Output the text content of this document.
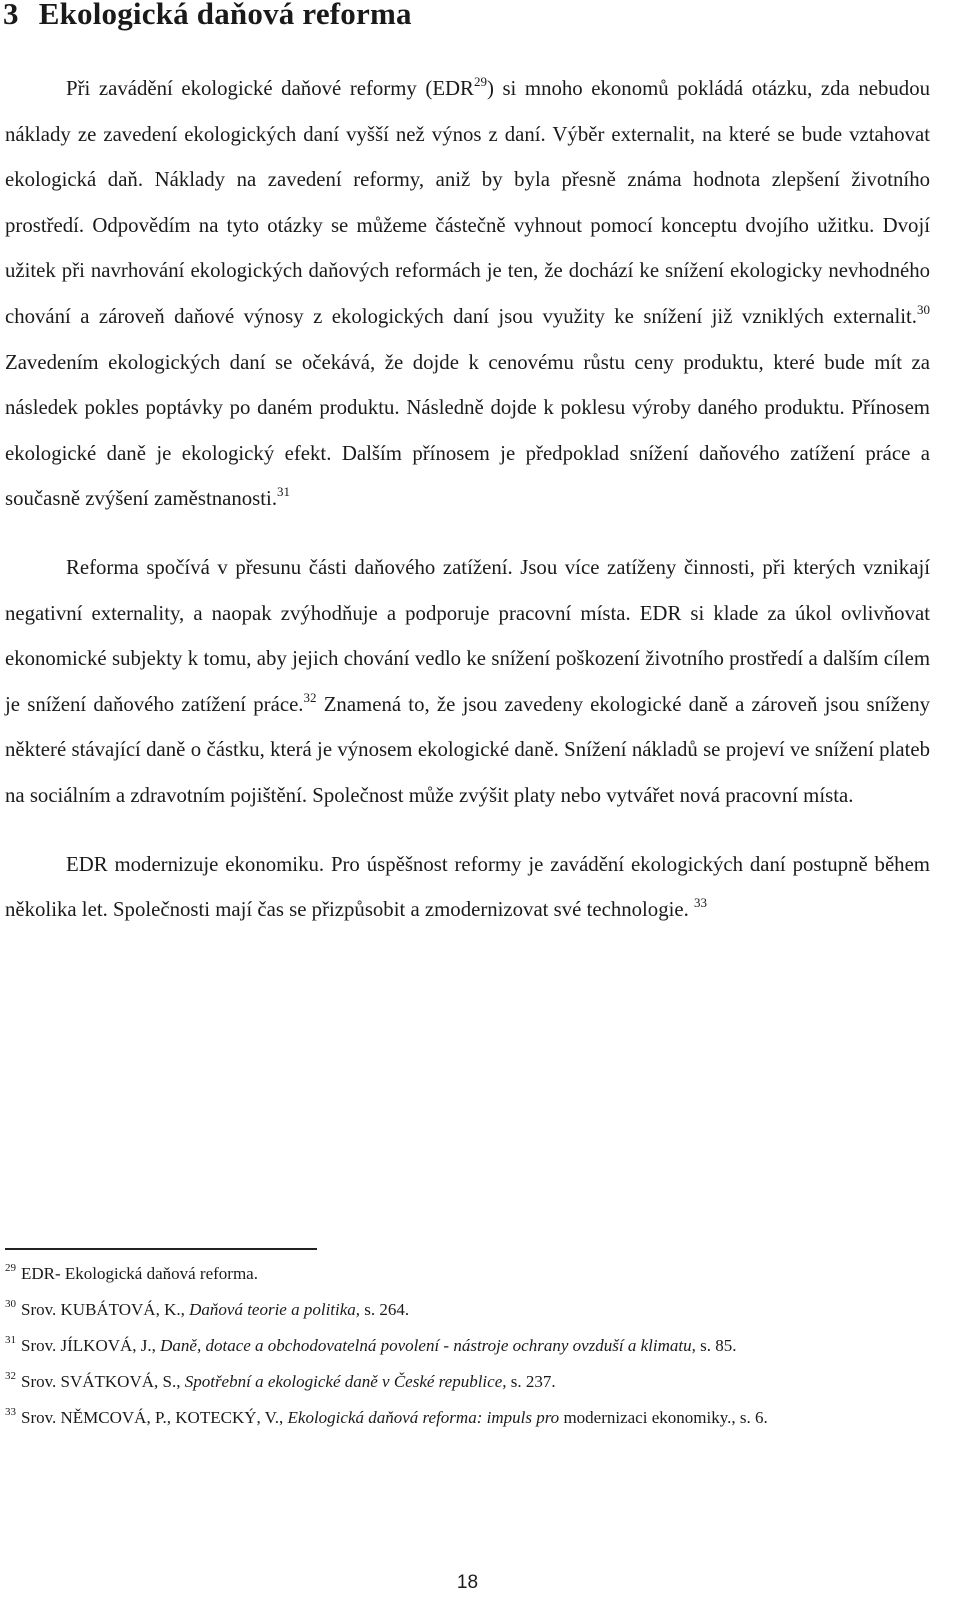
3 Ekologická daňová reforma

Při zavádění ekologické daňové reformy (EDR$^{29}$) si mnoho ekonomů pokládá otázku, zda nebudou náklady ze zavedení ekologických daní vyšší než výnos z daní. Výběr externalit, na které se bude vztahovat ekologická daň. Náklady na zavedení reformy, aniž by byla přesně známa hodnota zlepšení životního prostředí. Odpovědím na tyto otázky se můžeme částečně vyhnout pomocí konceptu dvojího užitku. Dvojí užitek při navrhování ekologických daňových reformách je ten, že dochází ke snížení ekologicky nevhodného chování a zároveň daňové výnosy z ekologických daní jsou využity ke snížení již vzniklých externalit.$^{30}$ Zavedením ekologických daní se očekává, že dojde k cenovému růstu ceny produktu, které bude mít za následek pokles poptávky po daném produktu. Následně dojde k poklesu výroby daného produktu. Přínosem ekologické daně je ekologický efekt. Dalším přínosem je předpoklad snížení daňového zatížení práce a současně zvýšení zaměstnanosti.$^{31}$

Reforma spočívá v přesunu části daňového zatížení. Jsou více zatíženy činnosti, při kterých vznikají negativní externality, a naopak zvýhodňuje a podporuje pracovní místa. EDR si klade za úkol ovlivňovat ekonomické subjekty k tomu, aby jejich chování vedlo ke snížení poškození životního prostředí a dalším cílem je snížení daňového zatížení práce.$^{32}$ Znamená to, že jsou zavedeny ekologické daně a zároveň jsou sníženy některé stávající daně o částku, která je výnosem ekologické daně. Snížení nákladů se projeví ve snížení plateb na sociálním a zdravotním pojištění. Společnost může zvýšit platy nebo vytvářet nová pracovní místa.

EDR modernizuje ekonomiku. Pro úspěšnost reformy je zavádění ekologických daní postupně během několika let. Společnosti mají čas se přizpůsobit a zmodernizovat své technologie. $^{33}$

$^{29}$ EDR- Ekologická daňová reforma.

$^{30}$ Srov. KUBÁTOVÁ, K., Daňová teorie a politika, s. 264.

$^{31}$ Srov. JÍLKOVÁ, J., Daně, dotace a obchodovatelná povolení - nástroje ochrany ovzduší a klimatu, s. 85.

$^{32}$ Srov. SVÁTKOVÁ, S., Spotřební a ekologické daně v České republice, s. 237.

$^{33}$ Srov. NĚMCOVÁ, P., KOTECKÝ, V., Ekologická daňová reforma: impuls pro modernizaci ekonomiky., s. 6.

18
